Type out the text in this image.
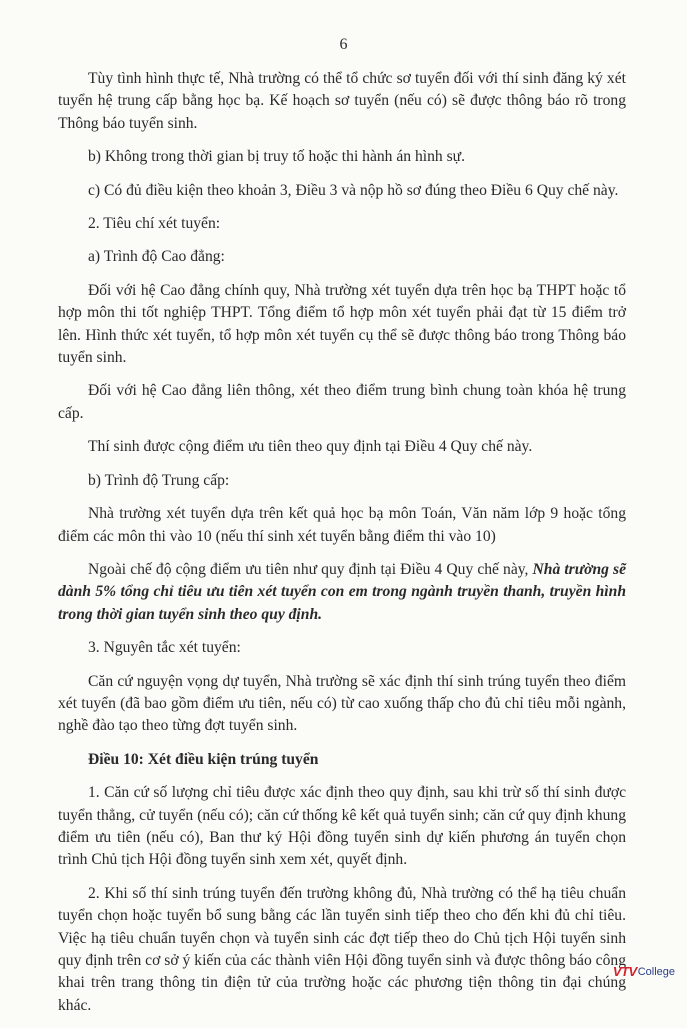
6

Tùy tình hình thực tế, Nhà trường có thể tổ chức sơ tuyển đối với thí sinh đăng ký xét tuyển hệ trung cấp bằng học bạ. Kế hoạch sơ tuyển (nếu có) sẽ được thông báo rõ trong Thông báo tuyển sinh.

b) Không trong thời gian bị truy tố hoặc thi hành án hình sự.

c) Có đủ điều kiện theo khoản 3, Điều 3 và nộp hồ sơ đúng theo Điều 6 Quy chế này.

2. Tiêu chí xét tuyển:

a) Trình độ Cao đẳng:

Đối với hệ Cao đẳng chính quy, Nhà trường xét tuyển dựa trên học bạ THPT hoặc tổ hợp môn thi tốt nghiệp THPT. Tổng điểm tổ hợp môn xét tuyển phải đạt từ 15 điểm trở lên. Hình thức xét tuyển, tổ hợp môn xét tuyển cụ thể sẽ được thông báo trong Thông báo tuyển sinh.

Đối với hệ Cao đẳng liên thông, xét theo điểm trung bình chung toàn khóa hệ trung cấp.

Thí sinh được cộng điểm ưu tiên theo quy định tại Điều 4 Quy chế này.

b) Trình độ Trung cấp:

Nhà trường xét tuyển dựa trên kết quả học bạ môn Toán, Văn năm lớp 9 hoặc tổng điểm các môn thi vào 10 (nếu thí sinh xét tuyển bằng điểm thi vào 10)

Ngoài chế độ cộng điểm ưu tiên như quy định tại Điều 4 Quy chế này, Nhà trường sẽ dành 5% tổng chỉ tiêu ưu tiên xét tuyển con em trong ngành truyền thanh, truyền hình trong thời gian tuyển sinh theo quy định.

3. Nguyên tắc xét tuyển:

Căn cứ nguyện vọng dự tuyển, Nhà trường sẽ xác định thí sinh trúng tuyển theo điểm xét tuyển (đã bao gồm điểm ưu tiên, nếu có) từ cao xuống thấp cho đủ chỉ tiêu mỗi ngành, nghề đào tạo theo từng đợt tuyển sinh.

Điều 10: Xét điều kiện trúng tuyển

1. Căn cứ số lượng chỉ tiêu được xác định theo quy định, sau khi trừ số thí sinh được tuyển thẳng, cử tuyển (nếu có); căn cứ thống kê kết quả tuyển sinh; căn cứ quy định khung điểm ưu tiên (nếu có), Ban thư ký Hội đồng tuyển sinh dự kiến phương án tuyển chọn trình Chủ tịch Hội đồng tuyển sinh xem xét, quyết định.

2. Khi số thí sinh trúng tuyển đến trường không đủ, Nhà trường có thể hạ tiêu chuẩn tuyển chọn hoặc tuyển bổ sung bằng các lần tuyển sinh tiếp theo cho đến khi đủ chỉ tiêu. Việc hạ tiêu chuẩn tuyển chọn và tuyển sinh các đợt tiếp theo do Chủ tịch Hội tuyển sinh quy định trên cơ sở ý kiến của các thành viên Hội đồng tuyển sinh và được thông báo công khai trên trang thông tin điện tử của trường hoặc các phương tiện thông tin đại chúng khác.

VTV College
